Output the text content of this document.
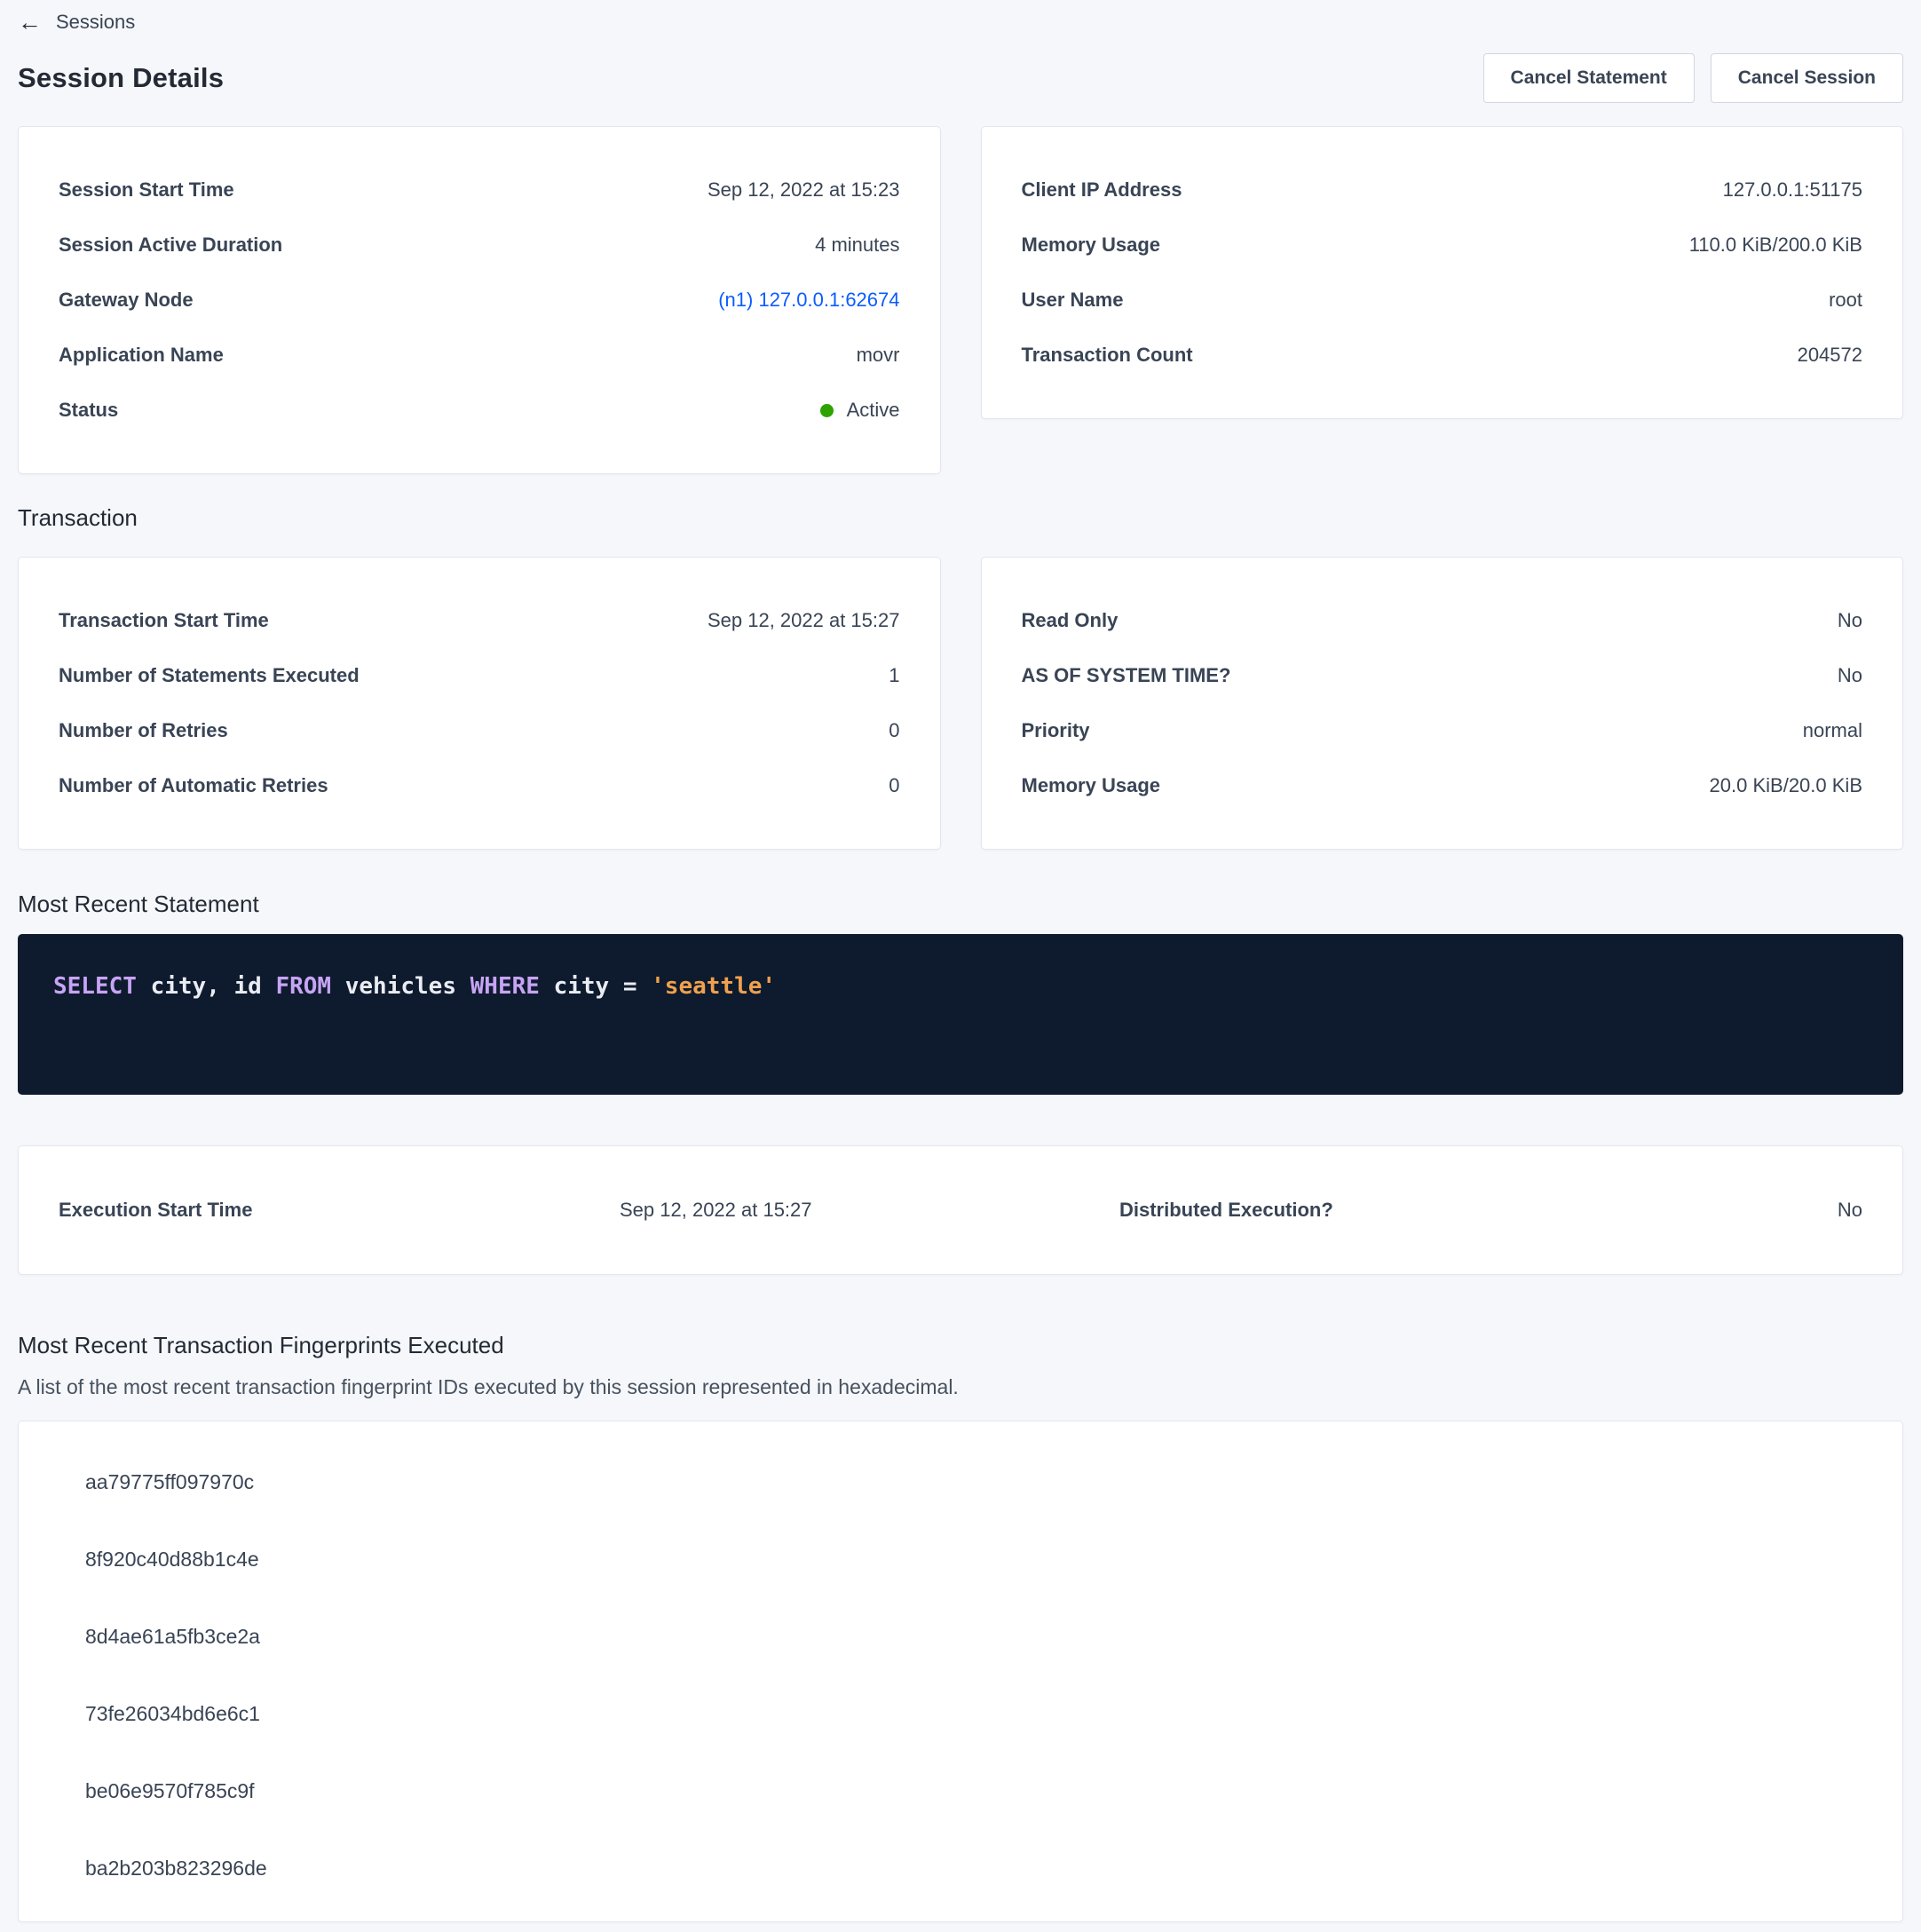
← Sessions
Session Details	Cancel Statement	Cancel Session
Session Start Time	Sep 12, 2022 at 15:23
Session Active Duration	4 minutes
Gateway Node	(n1) 127.0.0.1:62674
Application Name	movr
Status	Active
Client IP Address	127.0.0.1:51175
Memory Usage	110.0 KiB/200.0 KiB
User Name	root
Transaction Count	204572
Transaction
Transaction Start Time	Sep 12, 2022 at 15:27
Number of Statements Executed	1
Number of Retries	0
Number of Automatic Retries	0
Read Only	No
AS OF SYSTEM TIME?	No
Priority	normal
Memory Usage	20.0 KiB/20.0 KiB
Most Recent Statement
SELECT city, id FROM vehicles WHERE city = 'seattle'
Execution Start Time	Sep 12, 2022 at 15:27	Distributed Execution?	No
Most Recent Transaction Fingerprints Executed

A list of the most recent transaction fingerprint IDs executed by this session represented in hexadecimal.

aa79775ff097970c
8f920c40d88b1c4e
8d4ae61a5fb3ce2a
73fe26034bd6e6c1
be06e9570f785c9f
ba2b203b823296de
